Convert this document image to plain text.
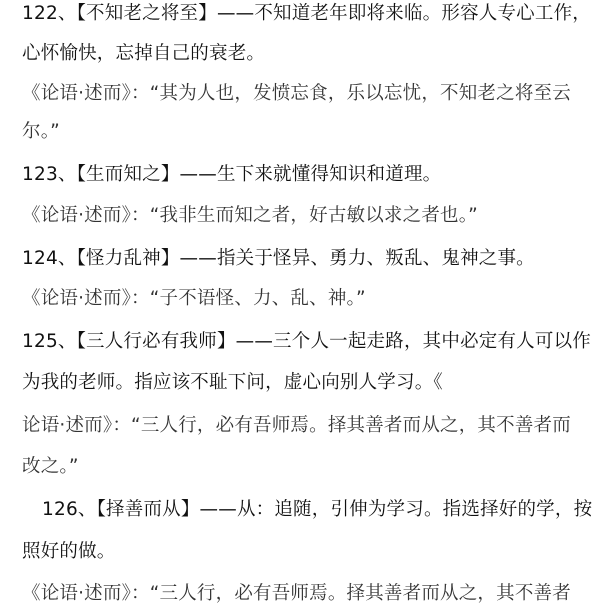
122、【不知老之将至】——不知道老年即将来临。形容人专心工作，
心怀愉快，忘掉自己的衰老。
《论语·述而》：“其为人也，发愤忘食，乐以忘忧，不知老之将至云
尔。”
123、【生而知之】——生下来就懂得知识和道理。
《论语·述而》：“我非生而知之者，好古敏以求之者也。”
124、【怪力乱神】——指关于怪异、勇力、叛乱、鬼神之事。
《论语·述而》：“子不语怪、力、乱、神。”
125、【三人行必有我师】——三个人一起走路，其中必定有人可以作
为我的老师。指应该不耻下问，虚心向别人学习。《
论语·述而》：“三人行，必有吾师焉。择其善者而从之，其不善者而
改之。”
126、【择善而从】——从：追随，引伸为学习。指选择好的学，按
照好的做。
《论语·述而》：“三人行，必有吾师焉。择其善者而从之，其不善者
